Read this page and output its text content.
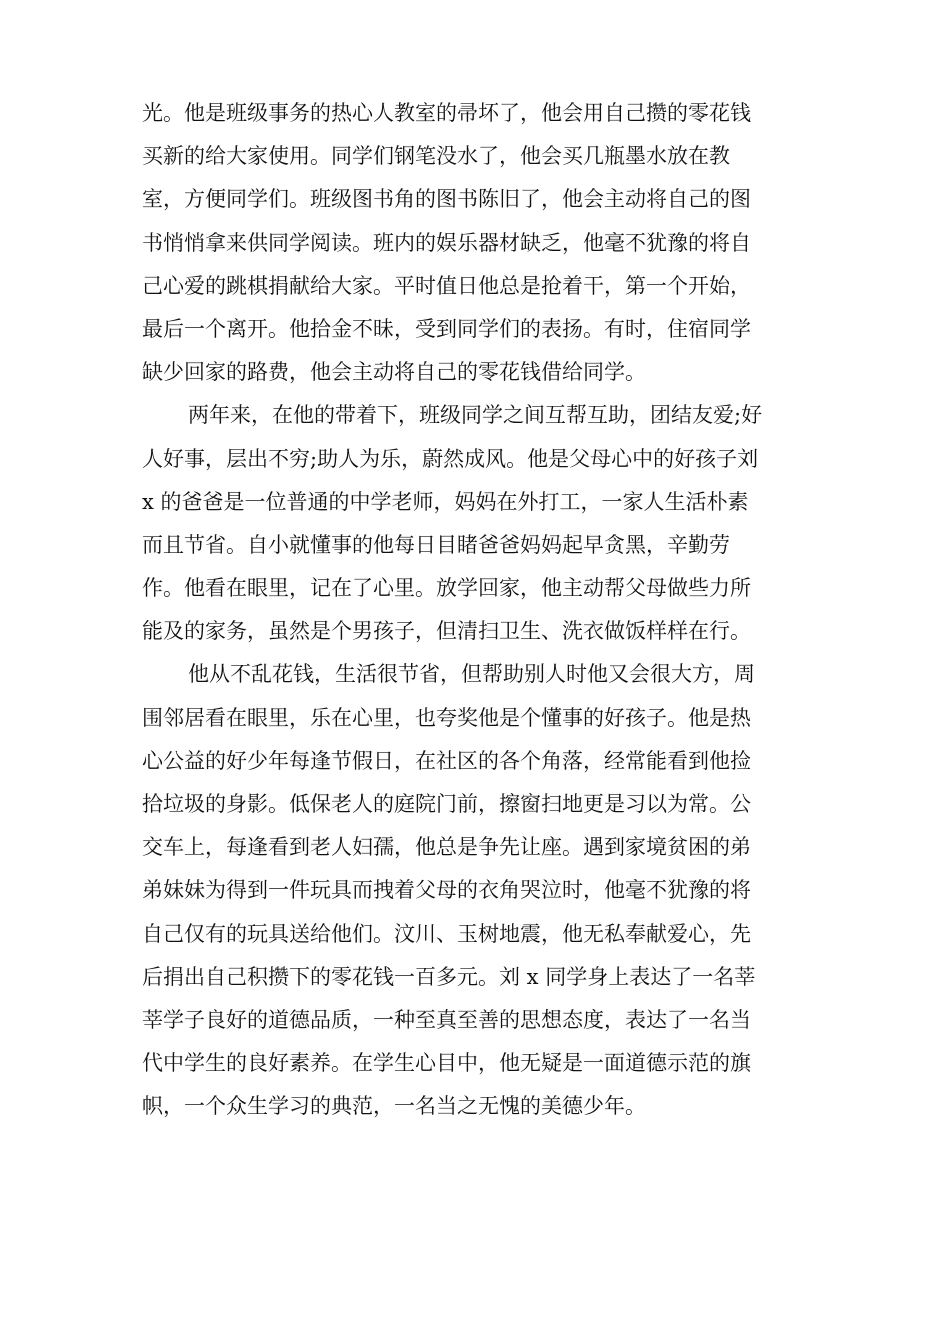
光。他是班级事务的热心人教室的帚坏了，他会用自己攒的零花钱
买新的给大家使用。同学们钢笔没水了，他会买几瓶墨水放在教
室，方便同学们。班级图书角的图书陈旧了，他会主动将自己的图
书悄悄拿来供同学阅读。班内的娱乐器材缺乏，他毫不犹豫的将自
己心爱的跳棋捐献给大家。平时值日他总是抢着干，第一个开始，
最后一个离开。他拾金不昧，受到同学们的表扬。有时，住宿同学
缺少回家的路费，他会主动将自己的零花钱借给同学。
两年来，在他的带着下，班级同学之间互帮互助，团结友爱;好
人好事，层出不穷;助人为乐，蔚然成风。他是父母心中的好孩子刘
x 的爸爸是一位普通的中学老师，妈妈在外打工，一家人生活朴素
而且节省。自小就懂事的他每日目睹爸爸妈妈起早贪黑，辛勤劳
作。他看在眼里，记在了心里。放学回家，他主动帮父母做些力所
能及的家务，虽然是个男孩子，但清扫卫生、洗衣做饭样样在行。
他从不乱花钱，生活很节省，但帮助别人时他又会很大方，周
围邻居看在眼里，乐在心里，也夸奖他是个懂事的好孩子。他是热
心公益的好少年每逢节假日，在社区的各个角落，经常能看到他捡
拾垃圾的身影。低保老人的庭院门前，擦窗扫地更是习以为常。公
交车上，每逢看到老人妇孺，他总是争先让座。遇到家境贫困的弟
弟妹妹为得到一件玩具而拽着父母的衣角哭泣时，他毫不犹豫的将
自己仅有的玩具送给他们。汶川、玉树地震，他无私奉献爱心，先
后捐出自己积攒下的零花钱一百多元。刘 x 同学身上表达了一名莘
莘学子良好的道德品质，一种至真至善的思想态度，表达了一名当
代中学生的良好素养。在学生心目中，他无疑是一面道德示范的旗
帜，一个众生学习的典范，一名当之无愧的美德少年。
